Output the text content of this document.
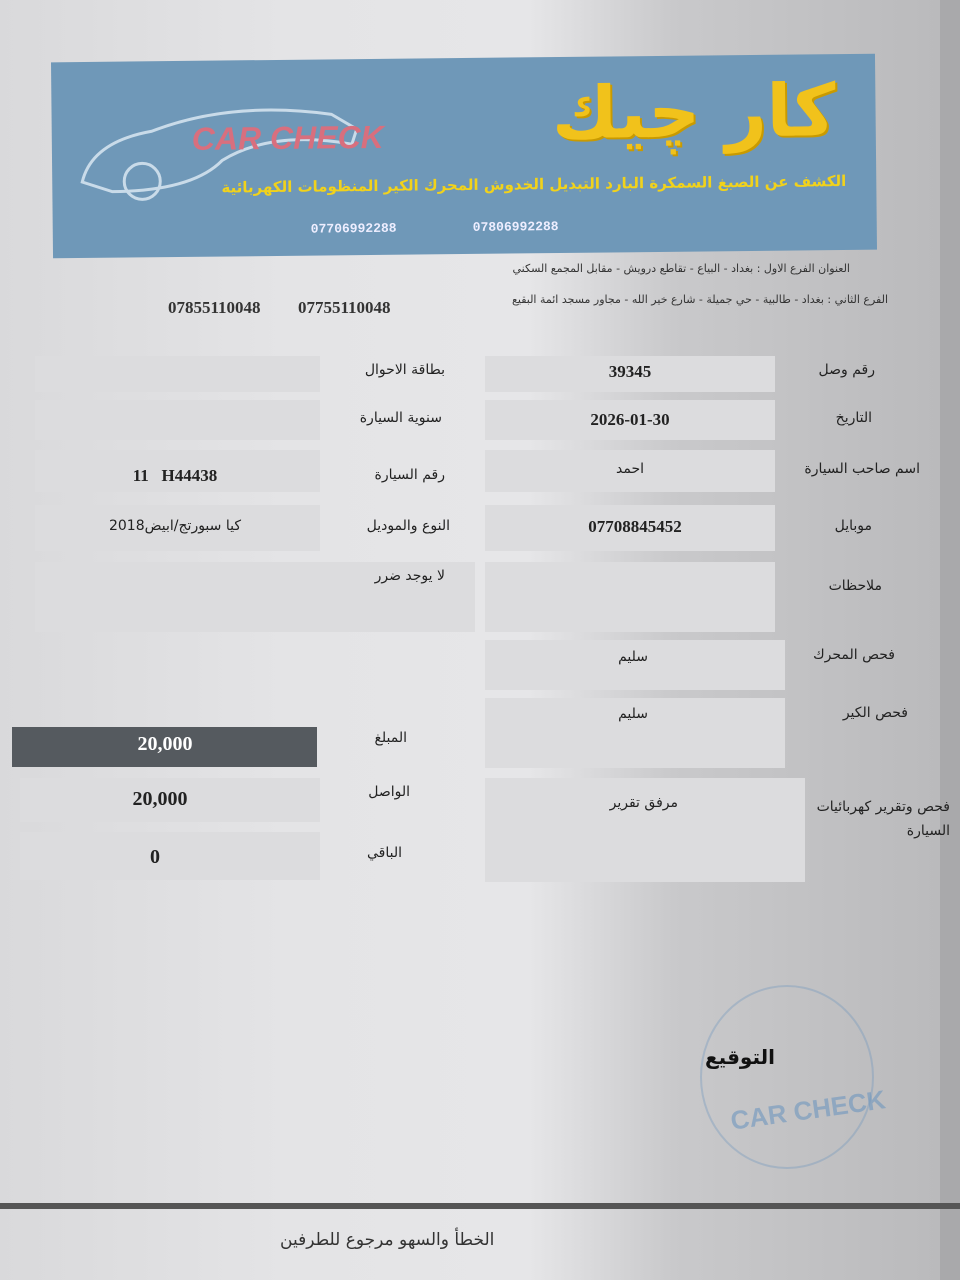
CAR CHECK كار چيك
الكشف عن الصبغ السمكرة البارد التبديل الخدوش المحرك الكير المنظومات الكهربائية
07706992288	07806992288
العنوان الفرع الاول : بغداد - البياع - تقاطع درويش - مقابل المجمع السكني
الفرع الثاني : بغداد - طالبية - حي جميلة - شارع خير الله - مجاور مسجد ائمة البقيع
07755110048
07855110048
رقم وصل
39345
بطاقة الاحوال
التاريخ
2026-01-30
سنوية السيارة
اسم صاحب السيارة
احمد
رقم السيارة
11   H44438
موبايل
07708845452
النوع والموديل
كيا سبورتج/ابيض2018
ملاحظات
لا يوجد ضرر
فحص المحرك
سليم
فحص الكير
سليم
فحص وتقرير كهربائيات السيارة
مرفق تقرير
المبلغ
20,000
الواصل
20,000
الباقي
0
CAR CHECK
التوقيع
الخطأ والسهو مرجوع للطرفين
